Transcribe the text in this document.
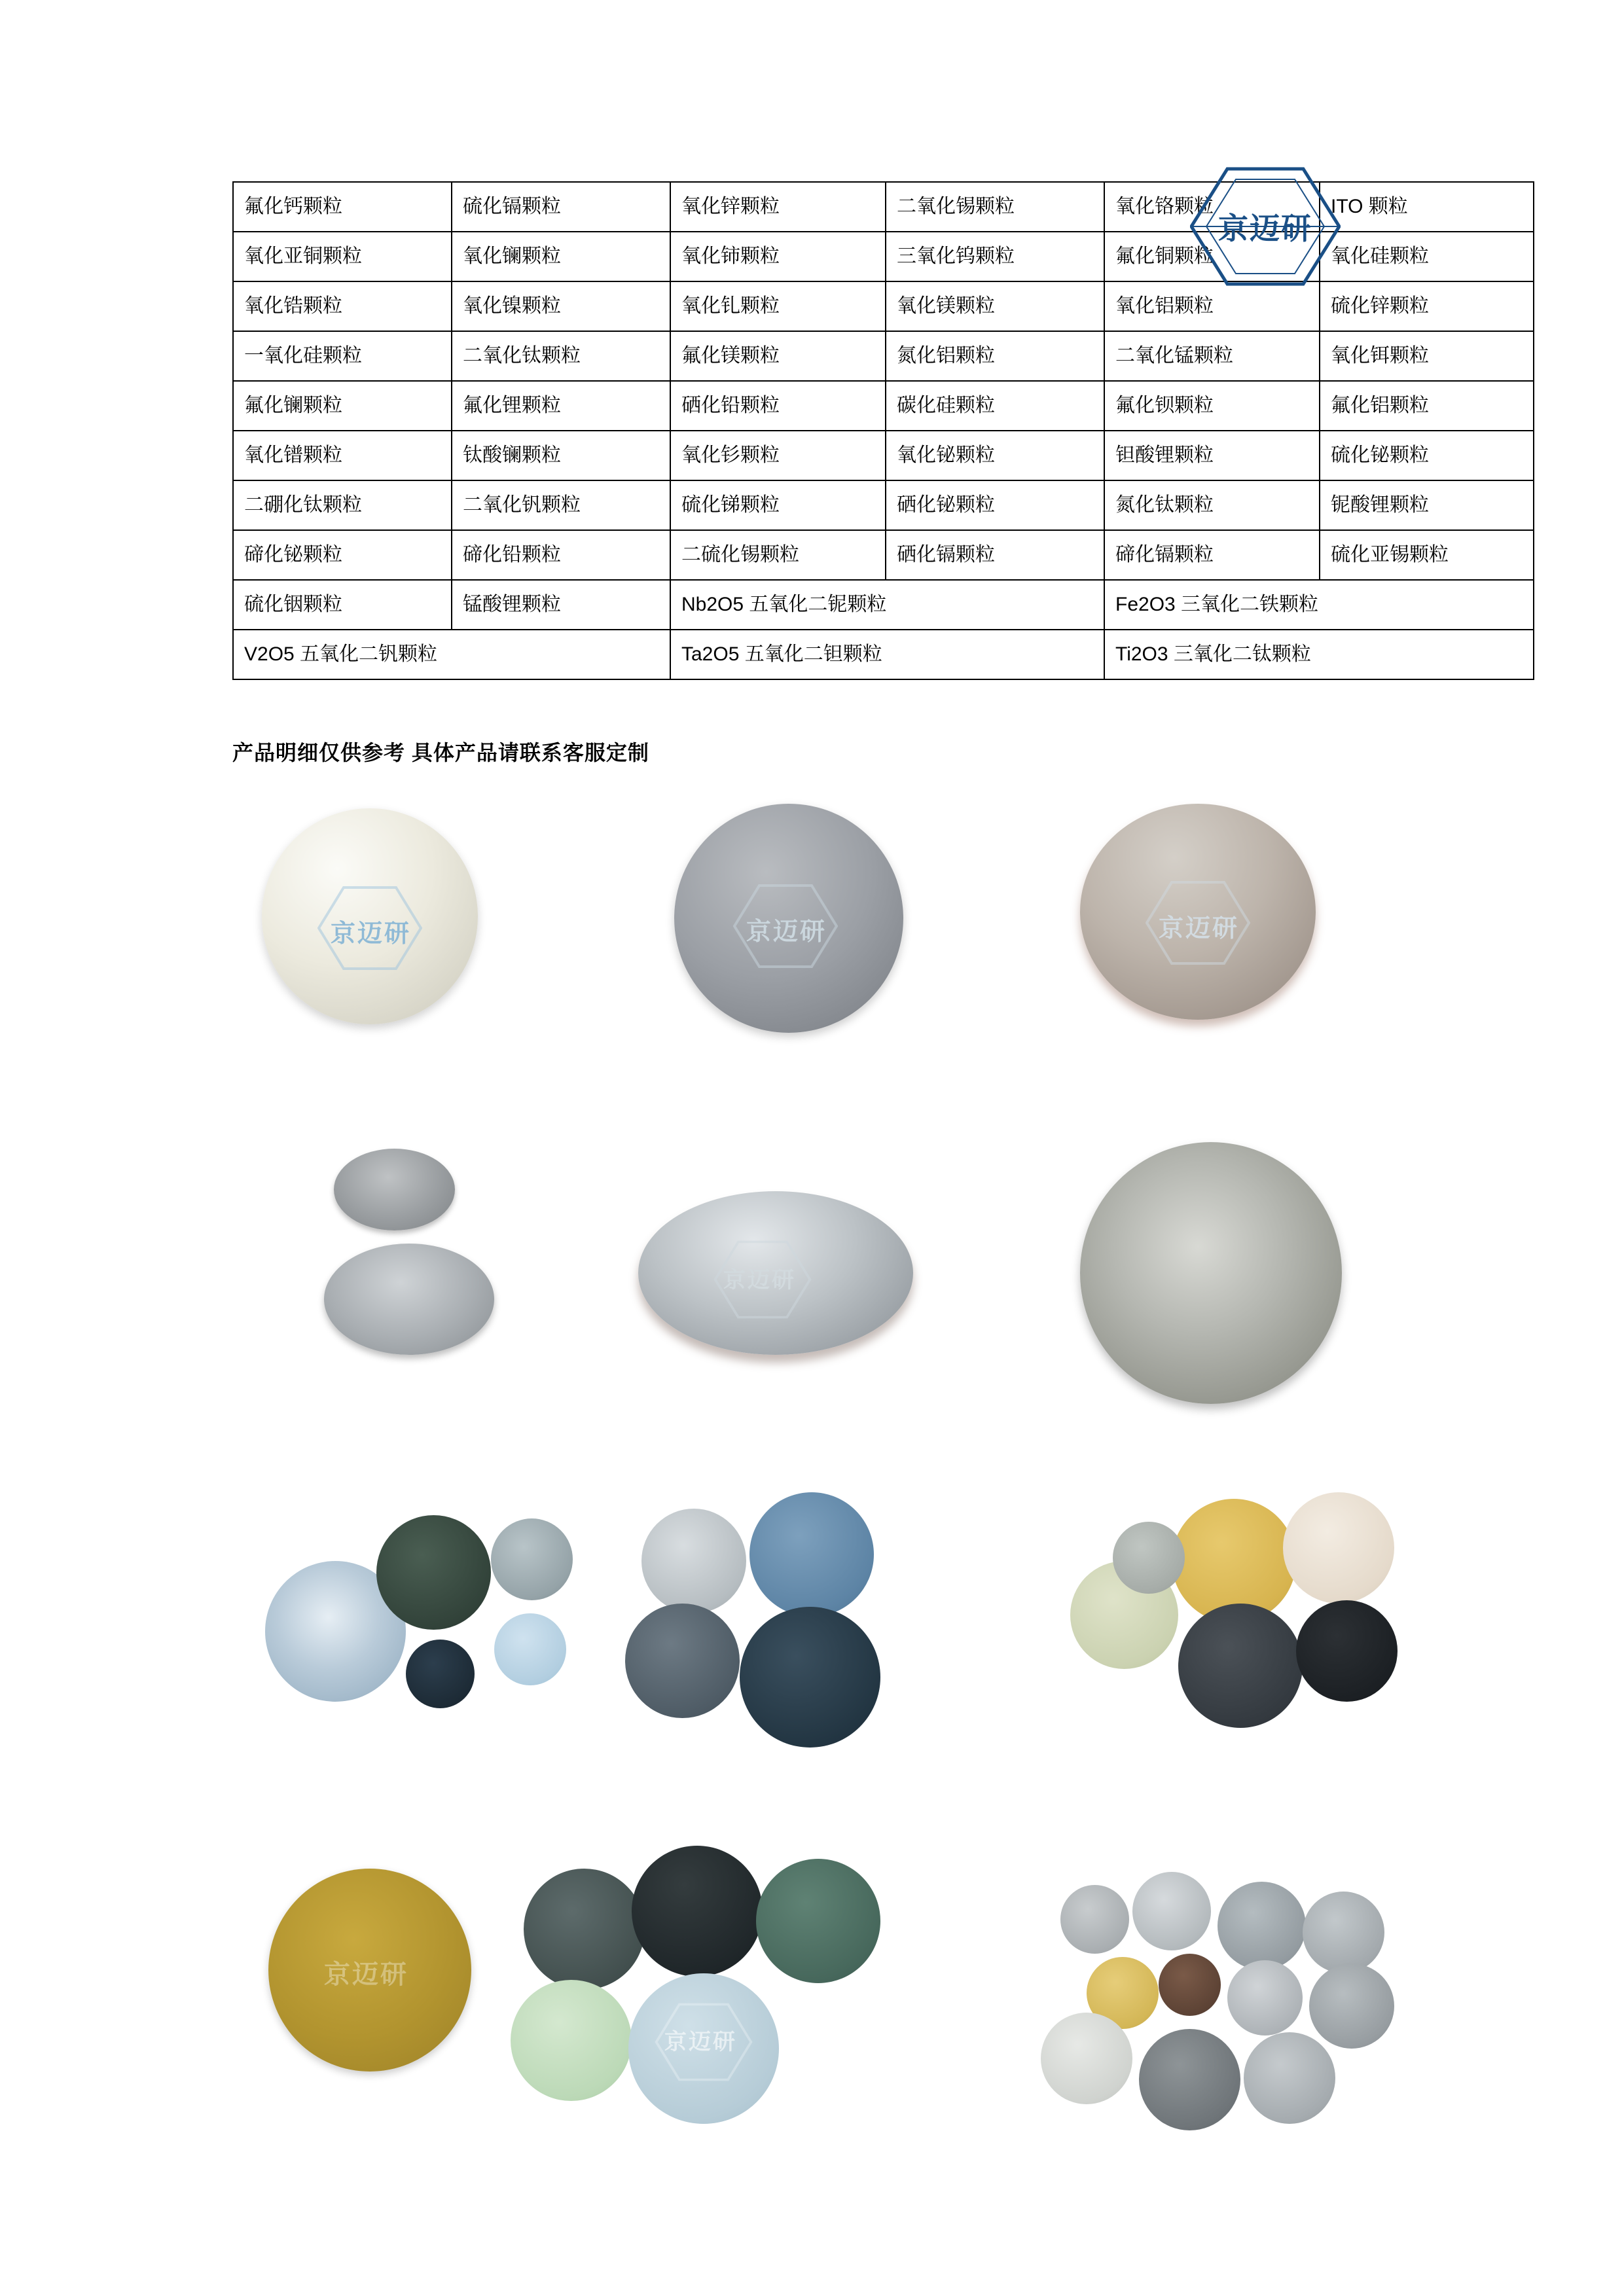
氟化钙颗粒	硫化镉颗粒	氧化锌颗粒	二氧化锡颗粒	氧化铬颗粒	ITO 颗粒
氧化亚铜颗粒	氧化镧颗粒	氧化铈颗粒	三氧化钨颗粒	氟化铜颗粒	氧化硅颗粒
氧化锆颗粒	氧化镍颗粒	氧化钆颗粒	氧化镁颗粒	氧化铝颗粒	硫化锌颗粒
一氧化硅颗粒	二氧化钛颗粒	氟化镁颗粒	氮化铝颗粒	二氧化锰颗粒	氧化铒颗粒
氟化镧颗粒	氟化锂颗粒	硒化铅颗粒	碳化硅颗粒	氟化钡颗粒	氟化铝颗粒
氧化镨颗粒	钛酸镧颗粒	氧化钐颗粒	氧化铋颗粒	钽酸锂颗粒	硫化铋颗粒
二硼化钛颗粒	二氧化钒颗粒	硫化锑颗粒	硒化铋颗粒	氮化钛颗粒	铌酸锂颗粒
碲化铋颗粒	碲化铅颗粒	二硫化锡颗粒	硒化镉颗粒	碲化镉颗粒	硫化亚锡颗粒
硫化铟颗粒	锰酸锂颗粒	Nb2O5 五氧化二铌颗粒		Fe2O3 三氧化二铁颗粒	
V2O5 五氧化二钒颗粒		Ta2O5 五氧化二钽颗粒		Ti2O3 三氧化二钛颗粒	
京迈研
产品明细仅供参考 具体产品请联系客服定制
京迈研	京迈研	京迈研
京迈研
京迈研
京迈研
